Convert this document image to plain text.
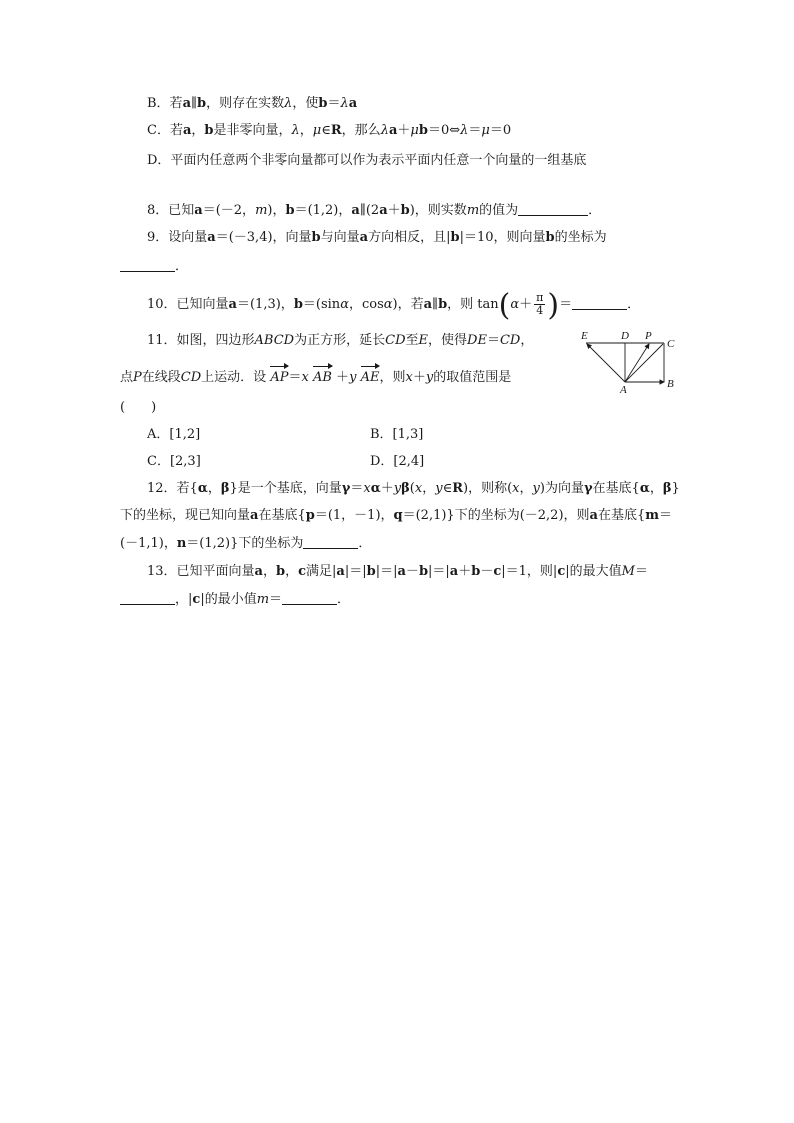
B．若a∥b，则存在实数λ，使b＝λa
C．若a，b是非零向量，λ，μ∈R，那么λa＋μb＝0⇔λ＝μ＝0
D．平面内任意两个非零向量都可以作为表示平面内任意一个向量的一组基底
8．已知a＝(－2，m)，b＝(1,2)，a∥(2a＋b)，则实数m的值为	．
9．设向量a＝(－3,4)，向量b与向量a方向相反，且|b|＝10，则向量b的坐标为
．
10．已知向量a＝(1,3)，b＝(sinα，cosα)，若a∥b，则 $\tan(\alpha+ \frac{\pi}{4}$ )＝	．
11．如图，四边形ABCD为正方形，延长CD至E，使得DE＝CD，
点P在线段CD上运动．设 AP＝x AB ＋y AE，则x＋y的取值范围是
(　　)
A．[1,2]	B．[1,3]
C．[2,3]	D．[2,4]
E	D P
C
A	B
12．若{α，β}是一个基底，向量γ＝xα＋yβ(x，y∈R)，则称(x，y)为向量γ在基底{α，β}
下的坐标，现已知向量a在基底{p＝(1，－1)，q＝(2,1)}下的坐标为(－2,2)，则a在基底{m＝
(－1,1)，n＝(1,2)}下的坐标为	．
13．已知平面向量a，b，c满足|a|＝|b|＝|a－b|＝|a＋b－c|＝1，则|c|的最大值M＝
，|c|的最小值m＝	．
